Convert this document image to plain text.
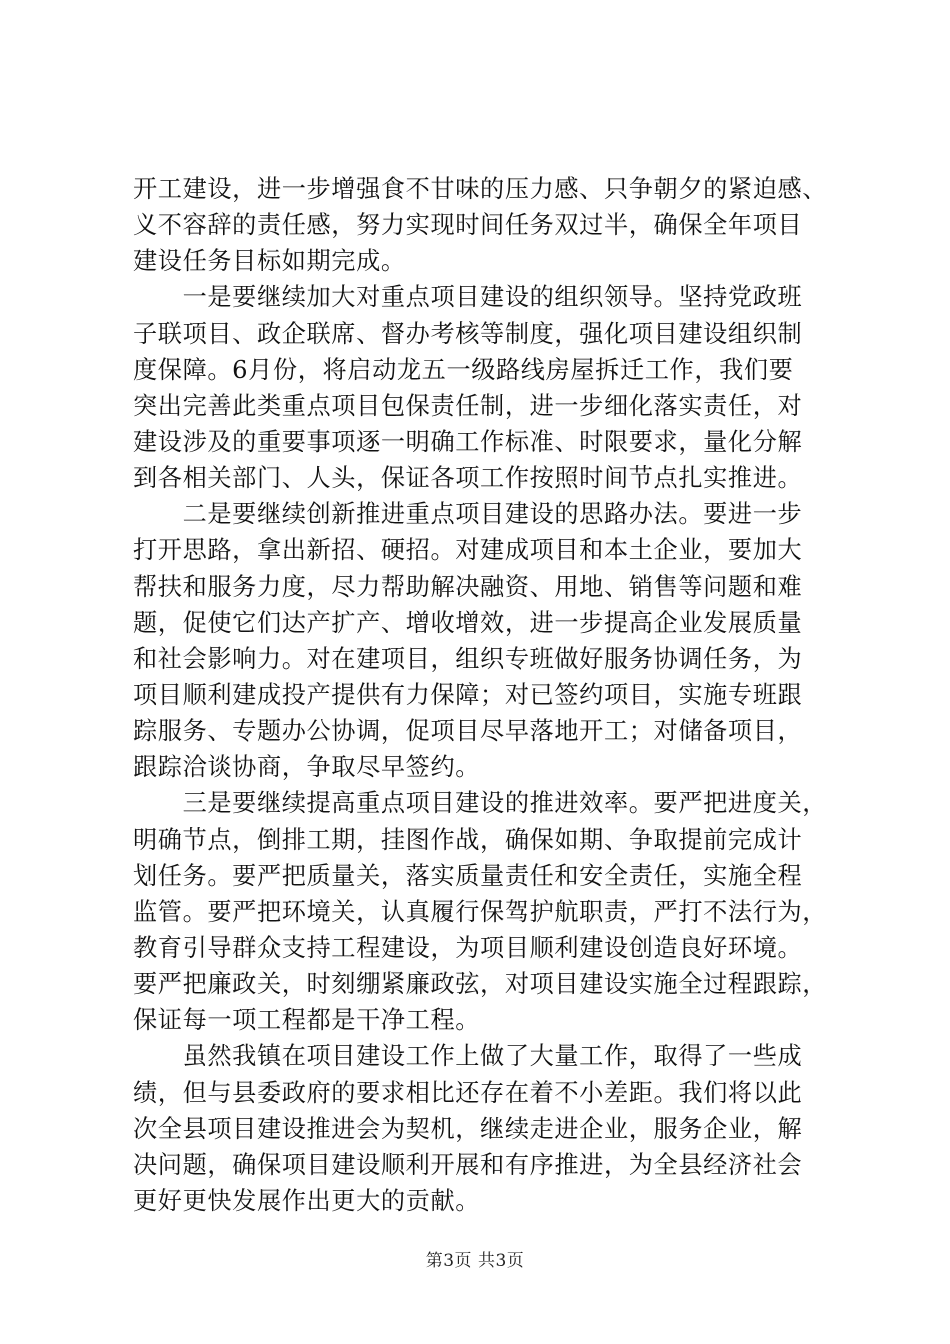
开工建设，进一步增强食不甘味的压力感、只争朝夕的紧迫感、
义不容辞的责任感，努力实现时间任务双过半，确保全年项目
建设任务目标如期完成。
　　一是要继续加大对重点项目建设的组织领导。坚持党政班
子联项目、政企联席、督办考核等制度，强化项目建设组织制
度保障。6月份，将启动龙五一级路线房屋拆迁工作，我们要
突出完善此类重点项目包保责任制，进一步细化落实责任，对
建设涉及的重要事项逐一明确工作标准、时限要求，量化分解
到各相关部门、人头，保证各项工作按照时间节点扎实推进。
　　二是要继续创新推进重点项目建设的思路办法。要进一步
打开思路，拿出新招、硬招。对建成项目和本土企业，要加大
帮扶和服务力度，尽力帮助解决融资、用地、销售等问题和难
题，促使它们达产扩产、增收增效，进一步提高企业发展质量
和社会影响力。对在建项目，组织专班做好服务协调任务，为
项目顺利建成投产提供有力保障；对已签约项目，实施专班跟
踪服务、专题办公协调，促项目尽早落地开工；对储备项目，
跟踪洽谈协商，争取尽早签约。
　　三是要继续提高重点项目建设的推进效率。要严把进度关，
明确节点，倒排工期，挂图作战，确保如期、争取提前完成计
划任务。要严把质量关，落实质量责任和安全责任，实施全程
监管。要严把环境关，认真履行保驾护航职责，严打不法行为，
教育引导群众支持工程建设，为项目顺利建设创造良好环境。
要严把廉政关，时刻绷紧廉政弦，对项目建设实施全过程跟踪，
保证每一项工程都是干净工程。
　　虽然我镇在项目建设工作上做了大量工作，取得了一些成
绩，但与县委政府的要求相比还存在着不小差距。我们将以此
次全县项目建设推进会为契机，继续走进企业，服务企业，解
决问题，确保项目建设顺利开展和有序推进，为全县经济社会
更好更快发展作出更大的贡献。
第3页 共3页
